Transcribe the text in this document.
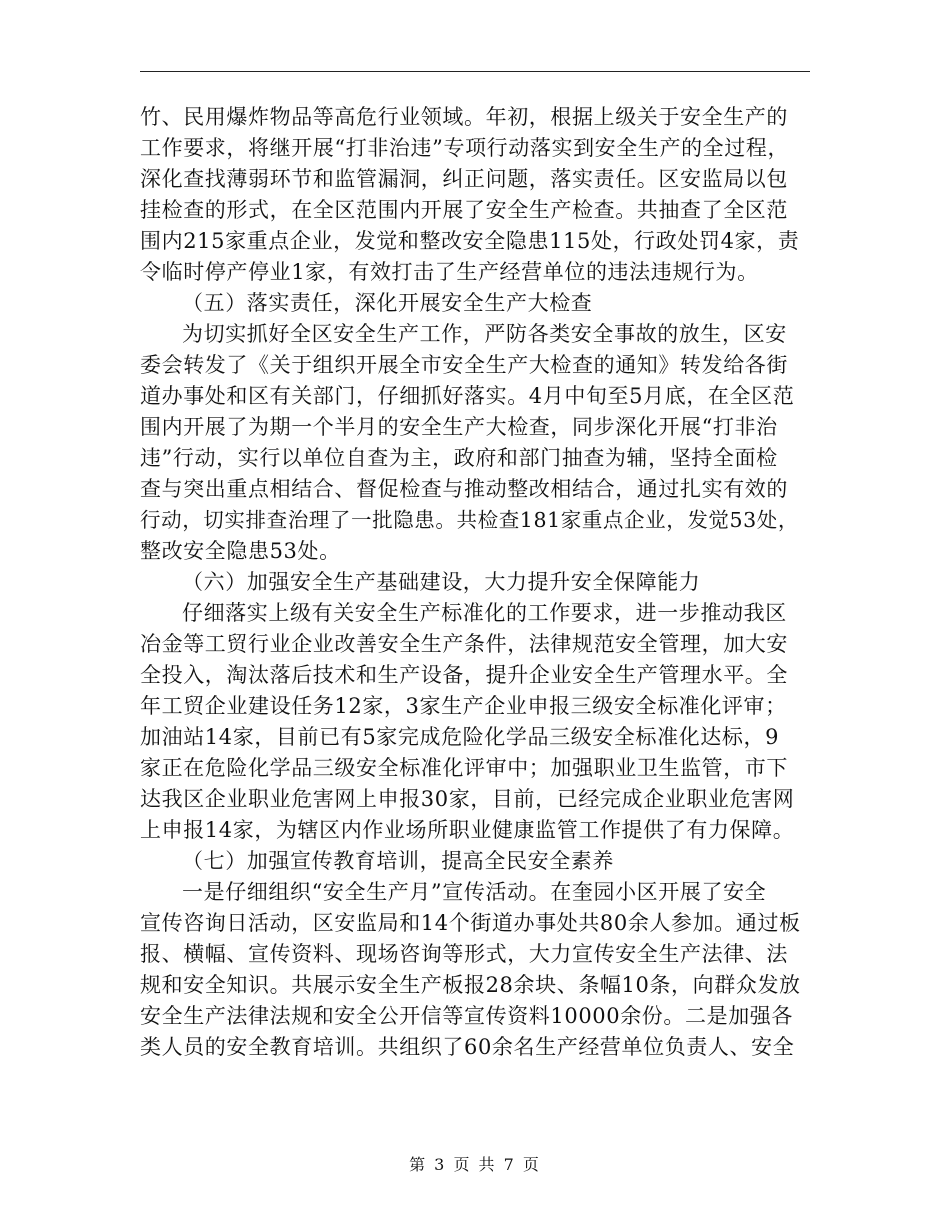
竹、民用爆炸物品等高危行业领域。年初，根据上级关于安全生产的
工作要求，将继开展“打非治违”专项行动落实到安全生产的全过程，
深化查找薄弱环节和监管漏洞，纠正问题，落实责任。区安监局以包
挂检查的形式，在全区范围内开展了安全生产检查。共抽查了全区范
围内215家重点企业，发觉和整改安全隐患115处，行政处罚4家，责
令临时停产停业1家，有效打击了生产经营单位的违法违规行为。
（五）落实责任，深化开展安全生产大检查
为切实抓好全区安全生产工作，严防各类安全事故的放生，区安
委会转发了《关于组织开展全市安全生产大检查的通知》转发给各街
道办事处和区有关部门，仔细抓好落实。4月中旬至5月底，在全区范
围内开展了为期一个半月的安全生产大检查，同步深化开展“打非治
违”行动，实行以单位自查为主，政府和部门抽查为辅，坚持全面检
查与突出重点相结合、督促检查与推动整改相结合，通过扎实有效的
行动，切实排查治理了一批隐患。共检查181家重点企业，发觉53处，
整改安全隐患53处。
（六）加强安全生产基础建设，大力提升安全保障能力
仔细落实上级有关安全生产标准化的工作要求，进一步推动我区
冶金等工贸行业企业改善安全生产条件，法律规范安全管理，加大安
全投入，淘汰落后技术和生产设备，提升企业安全生产管理水平。全
年工贸企业建设任务12家，3家生产企业申报三级安全标准化评审；
加油站14家，目前已有5家完成危险化学品三级安全标准化达标，9
家正在危险化学品三级安全标准化评审中；加强职业卫生监管，市下
达我区企业职业危害网上申报30家，目前，已经完成企业职业危害网
上申报14家，为辖区内作业场所职业健康监管工作提供了有力保障。
（七）加强宣传教育培训，提高全民安全素养
一是仔细组织“安全生产月”宣传活动。在奎园小区开展了安全
宣传咨询日活动，区安监局和14个街道办事处共80余人参加。通过板
报、横幅、宣传资料、现场咨询等形式，大力宣传安全生产法律、法
规和安全知识。共展示安全生产板报28余块、条幅10条，向群众发放
安全生产法律法规和安全公开信等宣传资料10000余份。二是加强各
类人员的安全教育培训。共组织了60余名生产经营单位负责人、安全
第 3 页 共 7 页
